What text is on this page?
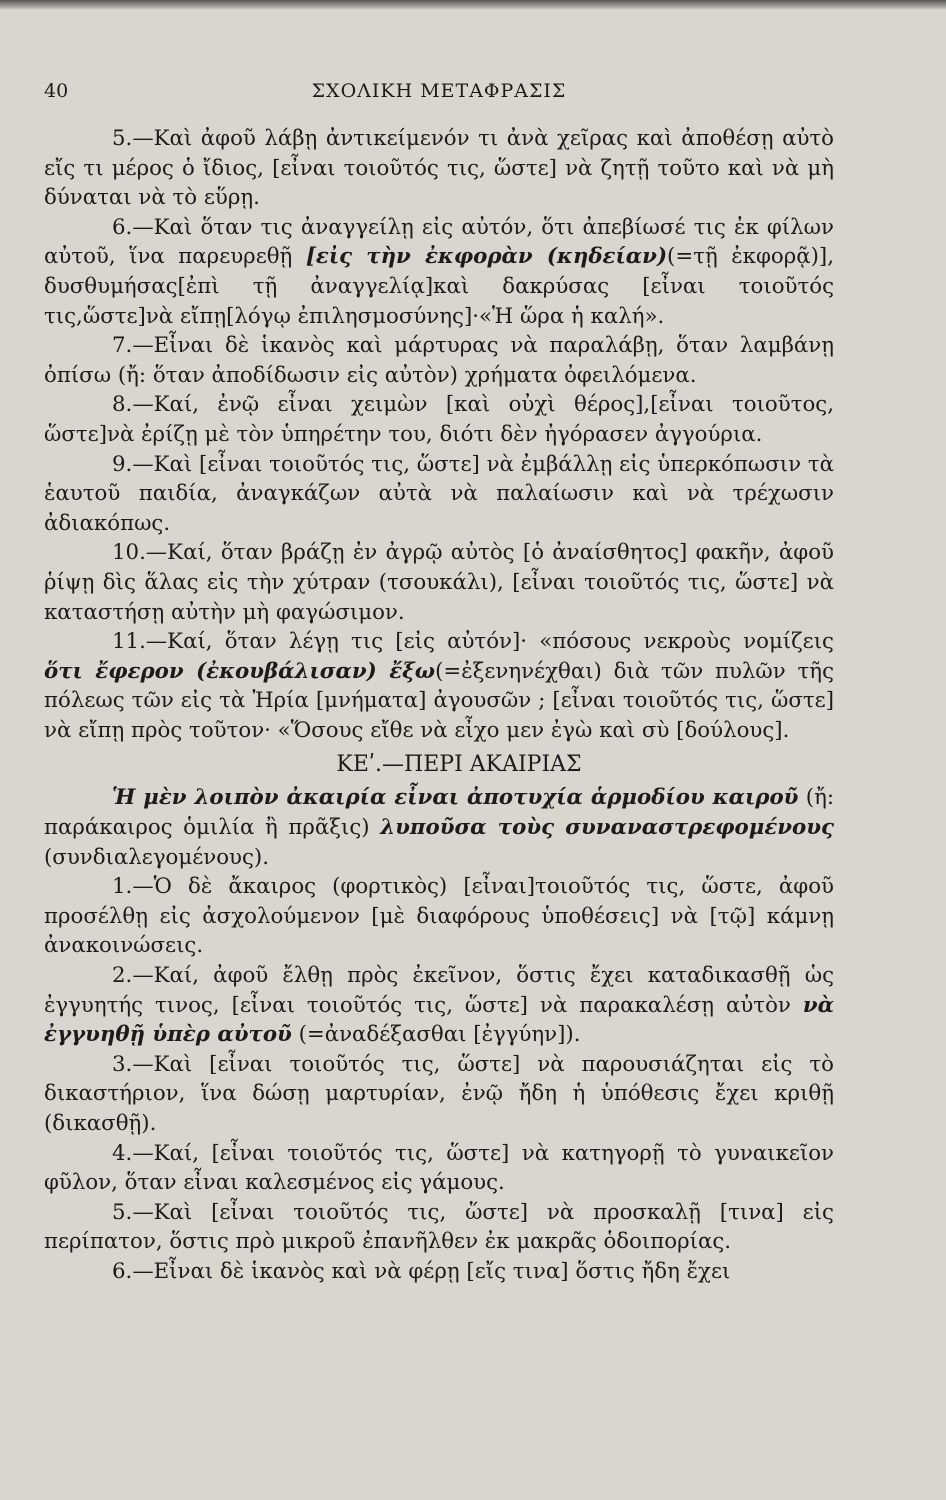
40	ΣΧΟΛΙΚΗ ΜΕΤΑΦΡΑΣΙΣ

5.—Καὶ ἀφοῦ λάβῃ ἀντικείμενόν τι ἀνὰ χεῖρας καὶ ἀποθέσῃ αὐτὸ εἴς τι μέρος ὁ ἴδιος, [εἶναι τοιοῦτός τις, ὥστε] νὰ ζητῇ τοῦτο καὶ νὰ μὴ δύναται νὰ τὸ εὕρῃ.

6.—Καὶ ὅταν τις ἀναγγείλῃ εἰς αὐτόν, ὅτι ἀπεβίωσέ τις ἐκ φίλων αὐτοῦ, ἵνα παρευρεθῇ [εἰς τὴν ἐκφορὰν (κηδείαν)(=τῇ ἐκφορᾷ)], δυσθυμήσας[ἐπὶ τῇ ἀναγγελίᾳ]καὶ δακρύσας [εἶναι τοιοῦτός τις,ὥστε]νὰ εἴπῃ[λόγῳ ἐπιλησμοσύνης]·«Ἡ ὥρα ἡ καλή».

7.—Εἶναι δὲ ἱκανὸς καὶ μάρτυρας νὰ παραλάβῃ, ὅταν λαμβάνῃ ὀπίσω (ἤ: ὅταν ἀποδίδωσιν εἰς αὐτὸν) χρήματα ὀφειλόμενα.

8.—Καί, ἐνῷ εἶναι χειμὼν [καὶ οὐχὶ θέρος],[εἶναι τοιοῦτος, ὥστε]νὰ ἐρίζῃ μὲ τὸν ὑπηρέτην του, διότι δὲν ἠγόρασεν ἀγγούρια.

9.—Καὶ [εἶναι τοιοῦτός τις, ὥστε] νὰ ἐμβάλλῃ εἰς ὑπερκόπωσιν τὰ ἑαυτοῦ παιδία, ἀναγκάζων αὐτὰ νὰ παλαίωσιν καὶ νὰ τρέχωσιν ἀδιακόπως.

10.—Καί, ὅταν βράζῃ ἐν ἀγρῷ αὐτὸς [ὁ ἀναίσθητος] φακῆν, ἀφοῦ ῥίψῃ δὶς ἅλας εἰς τὴν χύτραν (τσουκάλι), [εἶναι τοιοῦτός τις, ὥστε] νὰ καταστήσῃ αὐτὴν μὴ φαγώσιμον.

11.—Καί, ὅταν λέγῃ τις [εἰς αὐτόν]· «πόσους νεκροὺς νομίζεις ὅτι ἔφερον (ἐκουβάλισαν) ἔξω(=ἐξενηνέχθαι) διὰ τῶν πυλῶν τῆς πόλεως τῶν εἰς τὰ Ἠρία [μνήματα] ἀγουσῶν ; [εἶναι τοιοῦτός τις, ὥστε] νὰ εἴπῃ πρὸς τοῦτον· «Ὅσους εἴθε νὰ εἶχο μεν ἐγὼ καὶ σὺ [δούλους].

ΚΕʹ.—ΠΕΡΙ ΑΚΑΙΡΙΑΣ

Ἡ μὲν λοιπὸν ἀκαιρία εἶναι ἀποτυχία ἁρμοδίου καιροῦ (ἤ: παράκαιρος ὁμιλία ἢ πρᾶξις) λυποῦσα τοὺς συναναστρεφομένους (συνδιαλεγομένους).

1.—Ὁ δὲ ἄκαιρος (φορτικὸς) [εἶναι]τοιοῦτός τις, ὥστε, ἀφοῦ προσέλθῃ εἰς ἀσχολούμενον [μὲ διαφόρους ὑποθέσεις] νὰ [τῷ] κάμνῃ ἀνακοινώσεις.

2.—Καί, ἀφοῦ ἔλθῃ πρὸς ἐκεῖνον, ὅστις ἔχει καταδικασθῇ ὡς ἐγγυητής τινος, [εἶναι τοιοῦτός τις, ὥστε] νὰ παρακαλέσῃ αὐτὸν νὰ ἐγγυηθῇ ὑπὲρ αὐτοῦ (=ἀναδέξασθαι [ἐγγύην]).

3.—Καὶ [εἶναι τοιοῦτός τις, ὥστε] νὰ παρουσιάζηται εἰς τὸ δικαστήριον, ἵνα δώσῃ μαρτυρίαν, ἐνῷ ἤδη ἡ ὑπόθεσις ἔχει κριθῇ (δικασθῇ).

4.—Καί, [εἶναι τοιοῦτός τις, ὥστε] νὰ κατηγορῇ τὸ γυναικεῖον φῦλον, ὅταν εἶναι καλεσμένος εἰς γάμους.

5.—Καὶ [εἶναι τοιοῦτός τις, ὥστε] νὰ προσκαλῇ [τινα] εἰς περίπατον, ὅστις πρὸ μικροῦ ἐπανῆλθεν ἐκ μακρᾶς ὁδοιπορίας.

6.—Εἶναι δὲ ἱκανὸς καὶ νὰ φέρῃ [εἴς τινα] ὅστις ἤδη ἔχει
